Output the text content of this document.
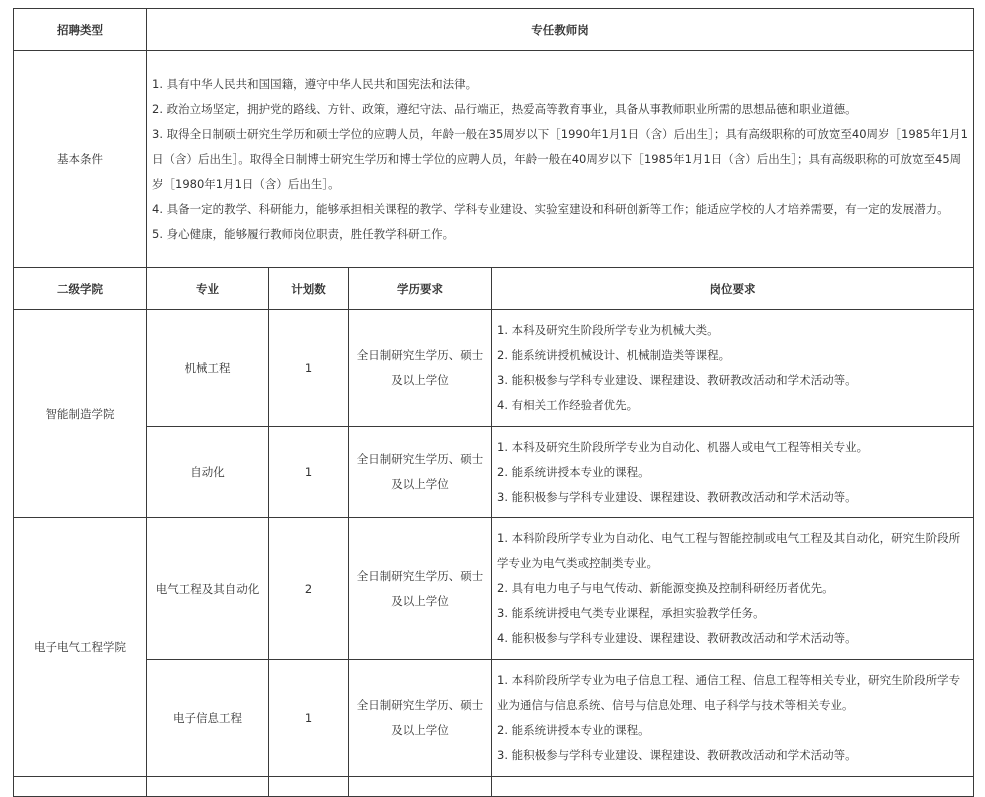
招聘类型	专任教师岗			
基本条件	1. 具有中华人民共和国国籍，遵守中华人民共和国宪法和法律。
2. 政治立场坚定，拥护党的路线、方针、政策，遵纪守法、品行端正，热爱高等教育事业，具备从事教师职业所需的思想品德和职业道德。
3. 取得全日制硕士研究生学历和硕士学位的应聘人员，年龄一般在35周岁以下［1990年1月1日（含）后出生］；具有高级职称的可放宽至40周岁［1985年1月1日（含）后出生］。取得全日制博士研究生学历和博士学位的应聘人员，年龄一般在40周岁以下［1985年1月1日（含）后出生］；具有高级职称的可放宽至45周岁［1980年1月1日（含）后出生］。
4. 具备一定的教学、科研能力，能够承担相关课程的教学、学科专业建设、实验室建设和科研创新等工作；能适应学校的人才培养需要，有一定的发展潜力。
5. 身心健康，能够履行教师岗位职责，胜任教学科研工作。			

二级学院	专业	计划数	学历要求	岗位要求
智能制造学院	机械工程	1	全日制研究生学历、硕士
及以上学位	1. 本科及研究生阶段所学专业为机械大类。
2. 能系统讲授机械设计、机械制造类等课程。
3. 能积极参与学科专业建设、课程建设、教研教改活动和学术活动等。
4. 有相关工作经验者优先。

	自动化	1	全日制研究生学历、硕士
及以上学位	1. 本科及研究生阶段所学专业为自动化、机器人或电气工程等相关专业。
2. 能系统讲授本专业的课程。
3. 能积极参与学科专业建设、课程建设、教研教改活动和学术活动等。

电子电气工程学院	电气工程及其自动化	2	全日制研究生学历、硕士
及以上学位	1. 本科阶段所学专业为自动化、电气工程与智能控制或电气工程及其自动化，研究生阶段所学专业为电气类或控制类专业。
2. 具有电力电子与电气传动、新能源变换及控制科研经历者优先。
3. 能系统讲授电气类专业课程，承担实验教学任务。
4. 能积极参与学科专业建设、课程建设、教研教改活动和学术活动等。

	电子信息工程	1	全日制研究生学历、硕士
及以上学位	1. 本科阶段所学专业为电子信息工程、通信工程、信息工程等相关专业，研究生阶段所学专业为通信与信息系统、信号与信息处理、电子科学与技术等相关专业。
2. 能系统讲授本专业的课程。
3. 能积极参与学科专业建设、课程建设、教研教改活动和学术活动等。
